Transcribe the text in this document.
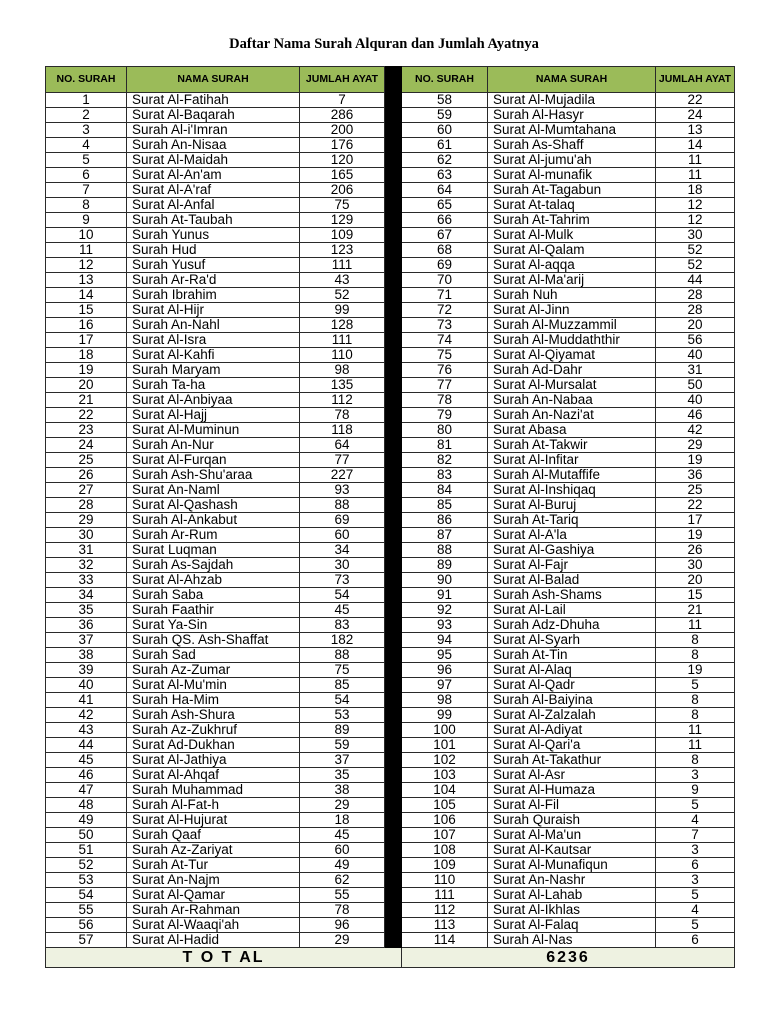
Daftar Nama Surah Alquran dan Jumlah Ayatnya
NO. SURAH	NAMA SURAH	JUMLAH AYAT		NO. SURAH	NAMA SURAH	JUMLAH AYAT
1	Surat Al-Fatihah	7		58	Surat Al-Mujadila	22
2	Surat Al-Baqarah	286		59	Surah Al-Hasyr	24
3	Surah Al-i'Imran	200		60	Surat Al-Mumtahana	13
4	Surah An-Nisaa	176		61	Surah As-Shaff	14
5	Surat Al-Maidah	120		62	Surat Al-jumu'ah	11
6	Surat Al-An'am	165		63	Surat Al-munafik	11
7	Surat Al-A'raf	206		64	Surah At-Tagabun	18
8	Surat Al-Anfal	75		65	Surat At-talaq	12
9	Surah At-Taubah	129		66	Surah At-Tahrim	12
10	Surah Yunus	109		67	Surat Al-Mulk	30
11	Surah Hud	123		68	Surat Al-Qalam	52
12	Surah Yusuf	111		69	Surat Al-aqqa	52
13	Surah Ar-Ra'd	43		70	Surat Al-Ma'arij	44
14	Surah Ibrahim	52		71	Surah Nuh	28
15	Surat Al-Hijr	99		72	Surat Al-Jinn	28
16	Surah An-Nahl	128		73	Surah Al-Muzzammil	20
17	Surat Al-Isra	111		74	Surah Al-Muddaththir	56
18	Surat Al-Kahfi	110		75	Surat Al-Qiyamat	40
19	Surah Maryam	98		76	Surah Ad-Dahr	31
20	Surah Ta-ha	135		77	Surat Al-Mursalat	50
21	Surat Al-Anbiyaa	112		78	Surah An-Nabaa	40
22	Surat Al-Hajj	78		79	Surah An-Nazi'at	46
23	Surat Al-Muminun	118		80	Surat Abasa	42
24	Surah An-Nur	64		81	Surah At-Takwir	29
25	Surat Al-Furqan	77		82	Surat Al-Infitar	19
26	Surah Ash-Shu'araa	227		83	Surah Al-Mutaffife	36
27	Surat An-Naml	93		84	Surat Al-Inshiqaq	25
28	Surat Al-Qashash	88		85	Surat Al-Buruj	22
29	Surah Al-Ankabut	69		86	Surah At-Tariq	17
30	Surah Ar-Rum	60		87	Surat Al-A'la	19
31	Surat Luqman	34		88	Surat Al-Gashiya	26
32	Surah As-Sajdah	30		89	Surat Al-Fajr	30
33	Surat Al-Ahzab	73		90	Surat Al-Balad	20
34	Surah Saba	54		91	Surah Ash-Shams	15
35	Surah Faathir	45		92	Surat Al-Lail	21
36	Surat Ya-Sin	83		93	Surah Adz-Dhuha	11
37	Surah QS. Ash-Shaffat	182		94	Surat Al-Syarh	8
38	Surah Sad	88		95	Surah At-Tin	8
39	Surah Az-Zumar	75		96	Surat Al-Alaq	19
40	Surat Al-Mu'min	85		97	Surat Al-Qadr	5
41	Surah Ha-Mim	54		98	Surah Al-Baiyina	8
42	Surah Ash-Shura	53		99	Surat Al-Zalzalah	8
43	Surah Az-Zukhruf	89		100	Surat Al-Adiyat	11
44	Surat Ad-Dukhan	59		101	Surat Al-Qari'a	11
45	Surat Al-Jathiya	37		102	Surah At-Takathur	8
46	Surat Al-Ahqaf	35		103	Surat Al-Asr	3
47	Surah Muhammad	38		104	Surat Al-Humaza	9
48	Surah Al-Fat-h	29		105	Surat Al-Fil	5
49	Surat Al-Hujurat	18		106	Surah Quraish	4
50	Surah Qaaf	45		107	Surat Al-Ma'un	7
51	Surah Az-Zariyat	60		108	Surat Al-Kautsar	3
52	Surah At-Tur	49		109	Surat Al-Munafiqun	6
53	Surat An-Najm	62		110	Surat An-Nashr	3
54	Surat Al-Qamar	55		111	Surat Al-Lahab	5
55	Surah Ar-Rahman	78		112	Surat Al-Ikhlas	4
56	Surat Al-Waaqi'ah	96		113	Surat Al-Falaq	5
57	Surat Al-Hadid	29		114	Surah Al-Nas	6
T O T AL				6236		
